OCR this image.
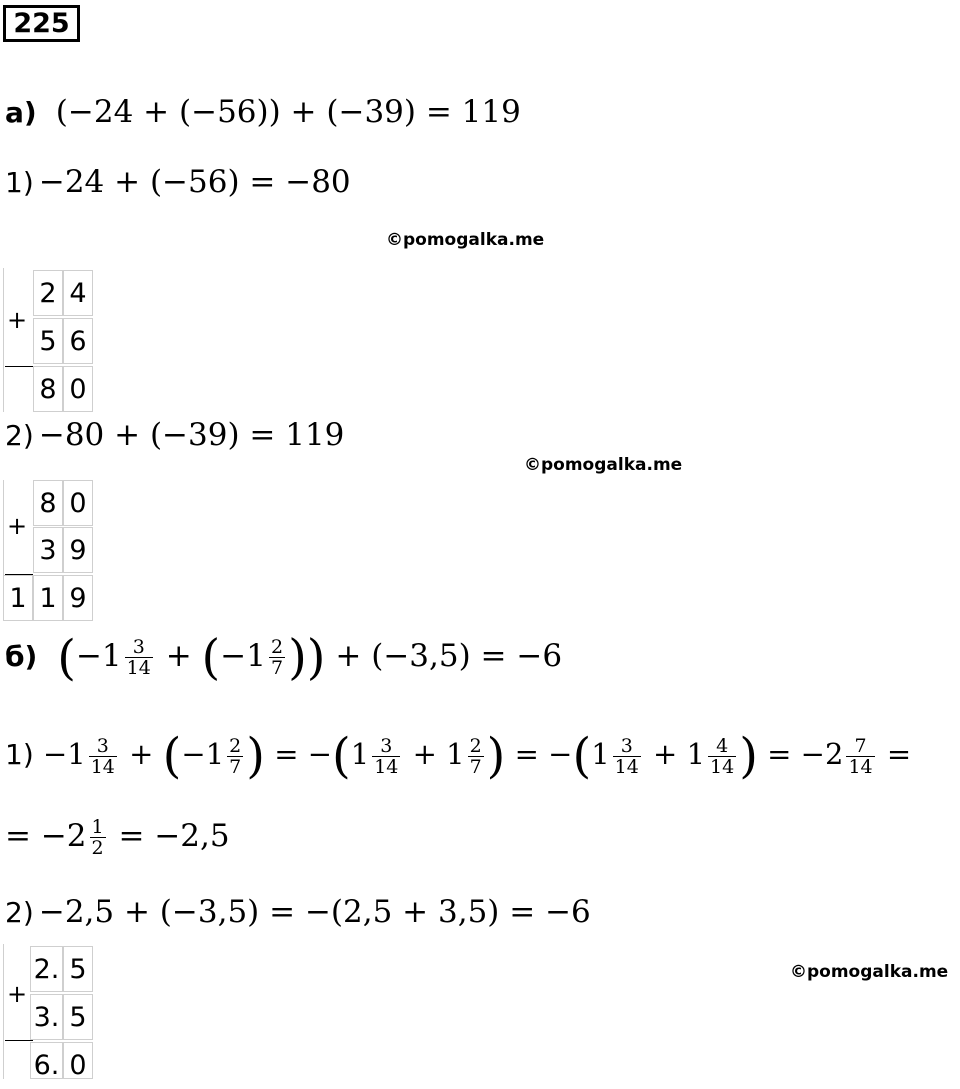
225
а) (−24 + (−56)) + (−39) = 119
1) −24 + (−56) = −80
©pomogalka.me
+
2 4
5 6
8 0
2) −80 + (−39) = 119
©pomogalka.me
+
8 0
3 9
1 1 9
б) ($-1 \frac{3}{14} + (-1 \frac{2}{7}$ )) + (−3,5) = −6
$1) -1 \frac{3}{14} + (-1 \frac{2}{7}$ ) = $-(1 \frac{3}{14} + 1 \frac{2}{7}$ ) = $-(1 \frac{3}{14} + 1 \frac{4}{14}$ ) = $-2 \frac{7}{14}$ =
= $-2 \frac{1}{2} = -2,5$
2) −2,5 + (−3,5) = −(2,5 + 3,5) = −6
©pomogalka.me
+
2. 5
3. 5
6. 0
